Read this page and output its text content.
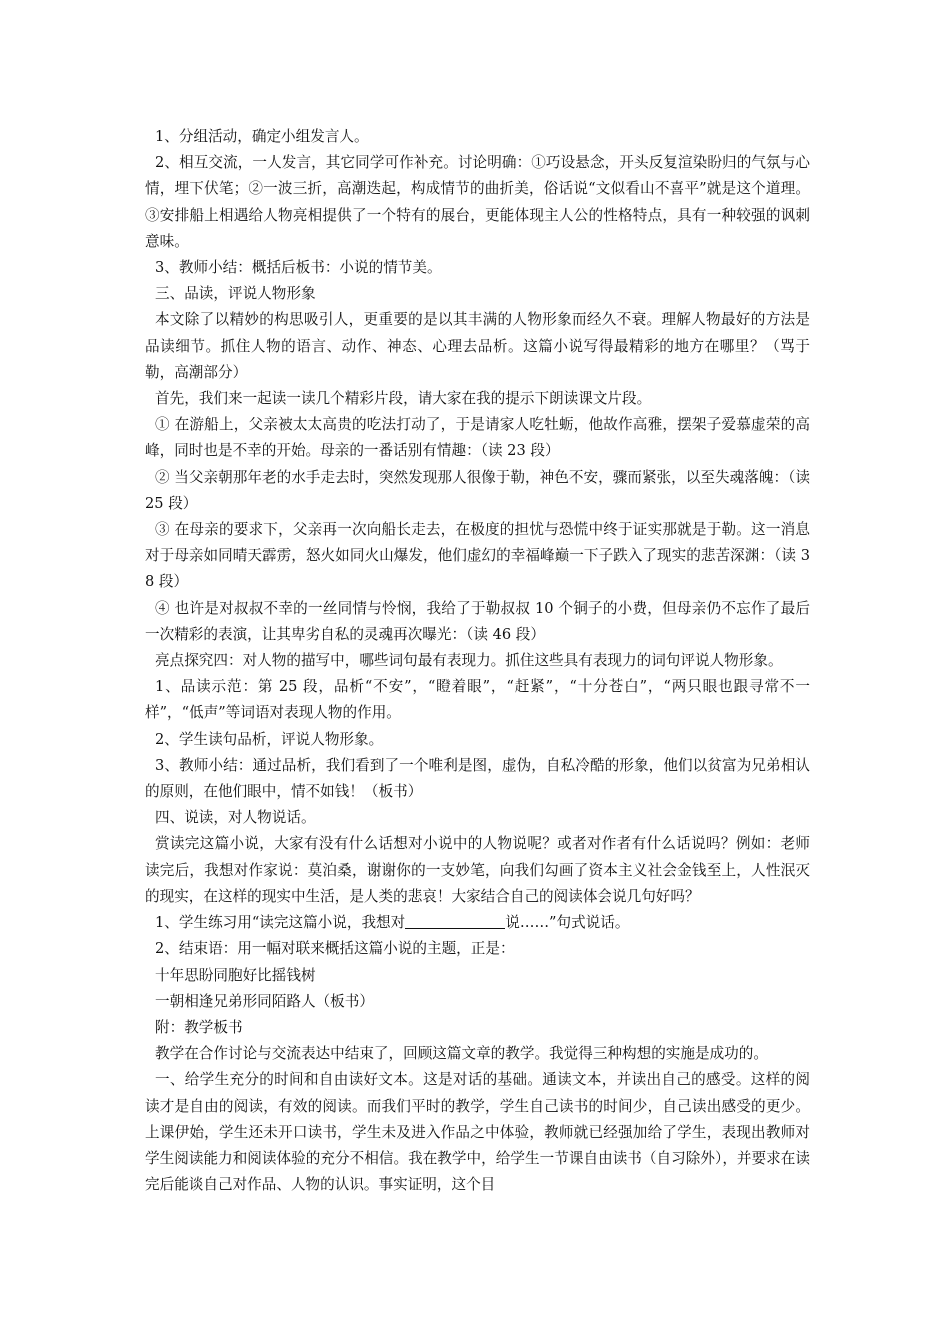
1、分组活动，确定小组发言人。

2、相互交流，一人发言，其它同学可作补充。讨论明确：①巧设悬念，开头反复渲染盼归的气氛与心情，埋下伏笔；②一波三折，高潮迭起，构成情节的曲折美，俗话说“文似看山不喜平”就是这个道理。③安排船上相遇给人物亮相提供了一个特有的展台，更能体现主人公的性格特点，具有一种较强的讽刺意味。

3、教师小结：概括后板书：小说的情节美。

三、品读，评说人物形象

本文除了以精妙的构思吸引人，更重要的是以其丰满的人物形象而经久不衰。理解人物最好的方法是品读细节。抓住人物的语言、动作、神态、心理去品析。这篇小说写得最精彩的地方在哪里？（骂于勒，高潮部分）

首先，我们来一起读一读几个精彩片段，请大家在我的提示下朗读课文片段。

① 在游船上，父亲被太太高贵的吃法打动了，于是请家人吃牡蛎，他故作高雅，摆架子爱慕虚荣的高峰，同时也是不幸的开始。母亲的一番话别有情趣：（读 23 段）

② 当父亲朝那年老的水手走去时，突然发现那人很像于勒，神色不安，骤而紧张，以至失魂落魄：（读 25 段）

③ 在母亲的要求下，父亲再一次向船长走去，在极度的担忧与恐慌中终于证实那就是于勒。这一消息对于母亲如同晴天霹雳，怒火如同火山爆发，他们虚幻的幸福峰巅一下子跌入了现实的悲苦深渊：（读 38 段）

④ 也许是对叔叔不幸的一丝同情与怜悯，我给了于勒叔叔 10 个铜子的小费，但母亲仍不忘作了最后一次精彩的表演，让其卑劣自私的灵魂再次曝光：（读 46 段）

亮点探究四：对人物的描写中，哪些词句最有表现力。抓住这些具有表现力的词句评说人物形象。

1、品读示范：第 25 段，品析“不安”，“瞪着眼”，“赶紧”，“十分苍白”，“两只眼也跟寻常不一样”，“低声”等词语对表现人物的作用。

2、学生读句品析，评说人物形象。

3、教师小结：通过品析，我们看到了一个唯利是图，虚伪，自私冷酷的形象，他们以贫富为兄弟相认的原则，在他们眼中，情不如钱！（板书）

四、说读，对人物说话。

赏读完这篇小说，大家有没有什么话想对小说中的人物说呢？或者对作者有什么话说吗？例如：老师读完后，我想对作家说：莫泊桑，谢谢你的一支妙笔，向我们勾画了资本主义社会金钱至上，人性泯灭的现实，在这样的现实中生活，是人类的悲哀！大家结合自己的阅读体会说几句好吗？

1、学生练习用“读完这篇小说，我想对	说……”句式说话。

2、结束语：用一幅对联来概括这篇小说的主题，正是：

十年思盼同胞好比摇钱树

一朝相逢兄弟形同陌路人（板书）

附：教学板书

教学在合作讨论与交流表达中结束了，回顾这篇文章的教学。我觉得三种构想的实施是成功的。

一、给学生充分的时间和自由读好文本。这是对话的基础。通读文本，并读出自己的感受。这样的阅读才是自由的阅读，有效的阅读。而我们平时的教学，学生自己读书的时间少，自己读出感受的更少。上课伊始，学生还未开口读书，学生未及进入作品之中体验，教师就已经强加给了学生，表现出教师对学生阅读能力和阅读体验的充分不相信。我在教学中，给学生一节课自由读书（自习除外），并要求在读完后能谈自己对作品、人物的认识。事实证明，这个目
